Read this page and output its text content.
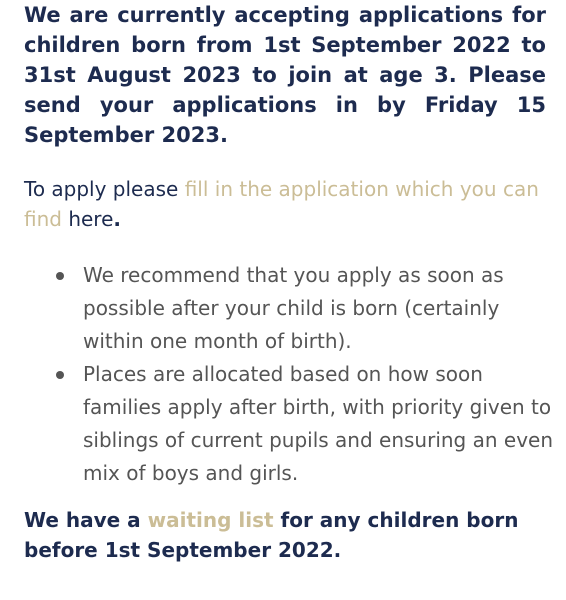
We are currently accepting applications for children born from 1st September 2022 to 31st August 2023 to join at age 3. Please send your applications in by Friday 15 September 2023.

To apply please fill in the application which you can find here.

We recommend that you apply as soon as possible after your child is born (certainly within one month of birth).
Places are allocated based on how soon families apply after birth, with priority given to siblings of current pupils and ensuring an even mix of boys and girls.

We have a waiting list for any children born before 1st September 2022.
